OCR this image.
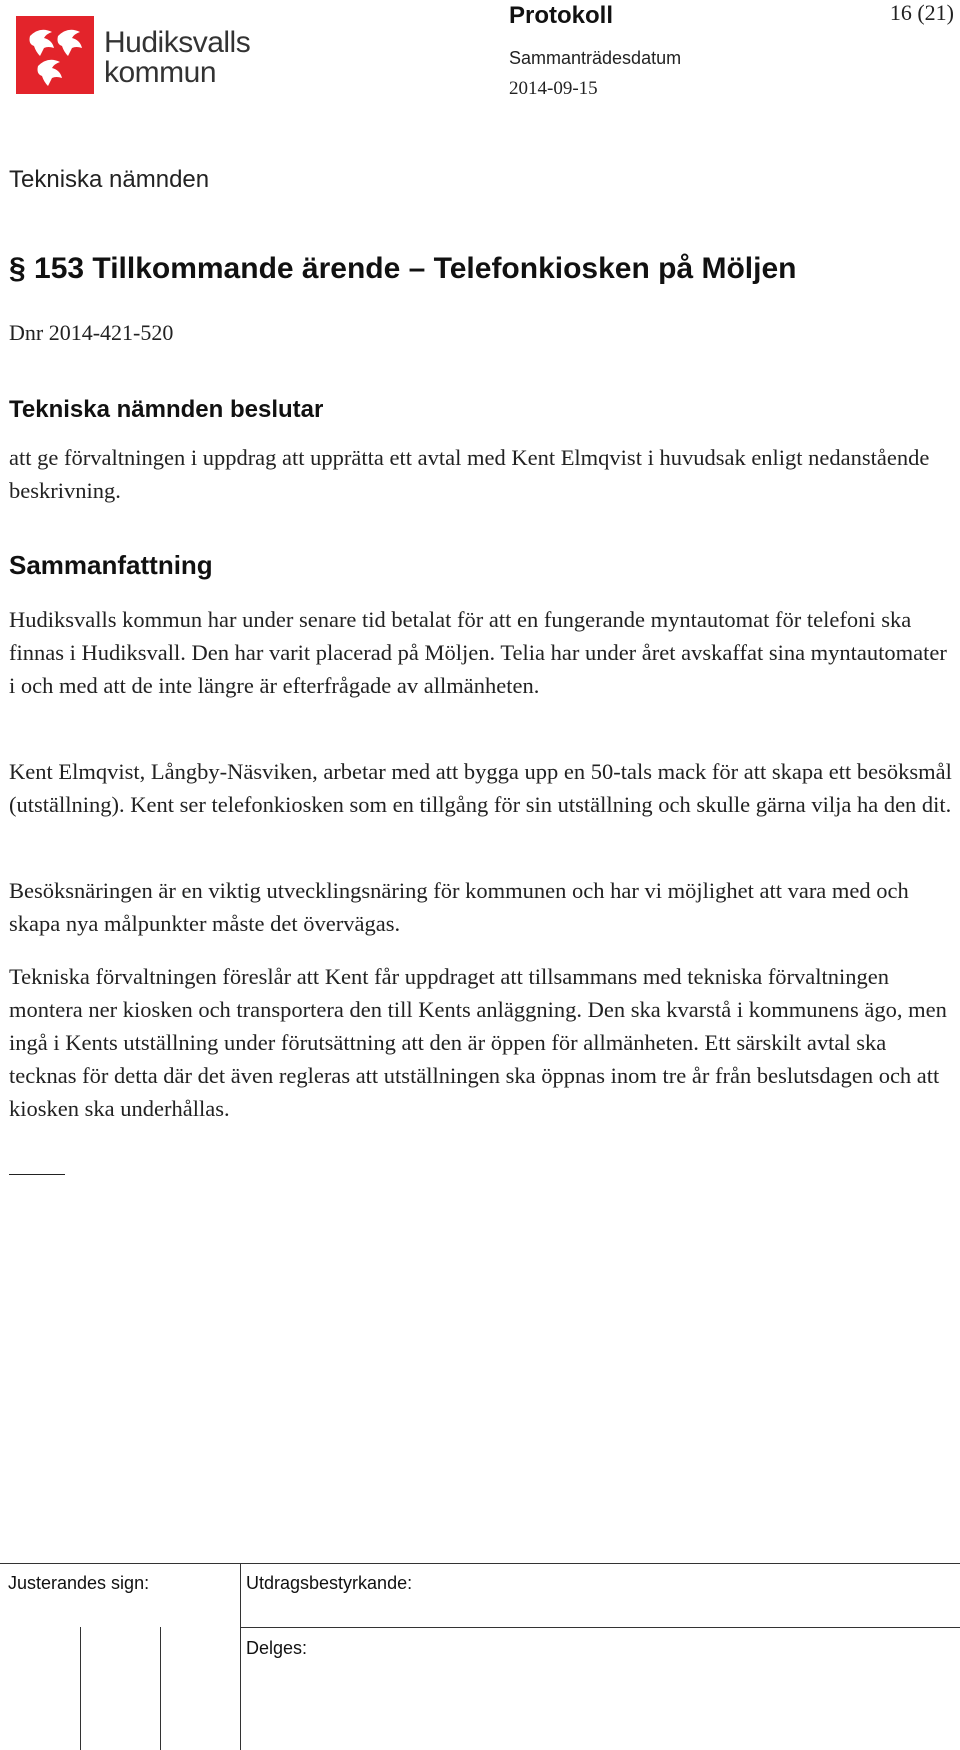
Hudiksvalls
kommun
Protokoll	16 (21)
Sammanträdesdatum
2014-09-15
Tekniska nämnden
§ 153 Tillkommande ärende – Telefonkiosken på Möljen
Dnr 2014-421-520
Tekniska nämnden beslutar

att ge förvaltningen i uppdrag att upprätta ett avtal med Kent Elmqvist i huvudsak enligt nedanstående beskrivning.

Sammanfattning

Hudiksvalls kommun har under senare tid betalat för att en fungerande myntautomat för telefoni ska finnas i Hudiksvall. Den har varit placerad på Möljen. Telia har under året avskaffat sina myntautomater i och med att de inte längre är efterfrågade av allmänheten.

Kent Elmqvist, Långby-Näsviken, arbetar med att bygga upp en 50-tals mack för att skapa ett besöksmål (utställning). Kent ser telefonkiosken som en tillgång för sin utställning och skulle gärna vilja ha den dit.

Besöksnäringen är en viktig utvecklingsnäring för kommunen och har vi möjlighet att vara med och skapa nya målpunkter måste det övervägas.

Tekniska förvaltningen föreslår att Kent får uppdraget att tillsammans med tekniska förvaltningen montera ner kiosken och transportera den till Kents anläggning. Den ska kvarstå i kommunens ägo, men ingå i Kents utställning under förutsättning att den är öppen för allmänheten. Ett särskilt avtal ska tecknas för detta där det även regleras att utställningen ska öppnas inom tre år från beslutsdagen och att kiosken ska underhållas.

Justerandes sign:	Utdragsbestyrkande:
Delges:
